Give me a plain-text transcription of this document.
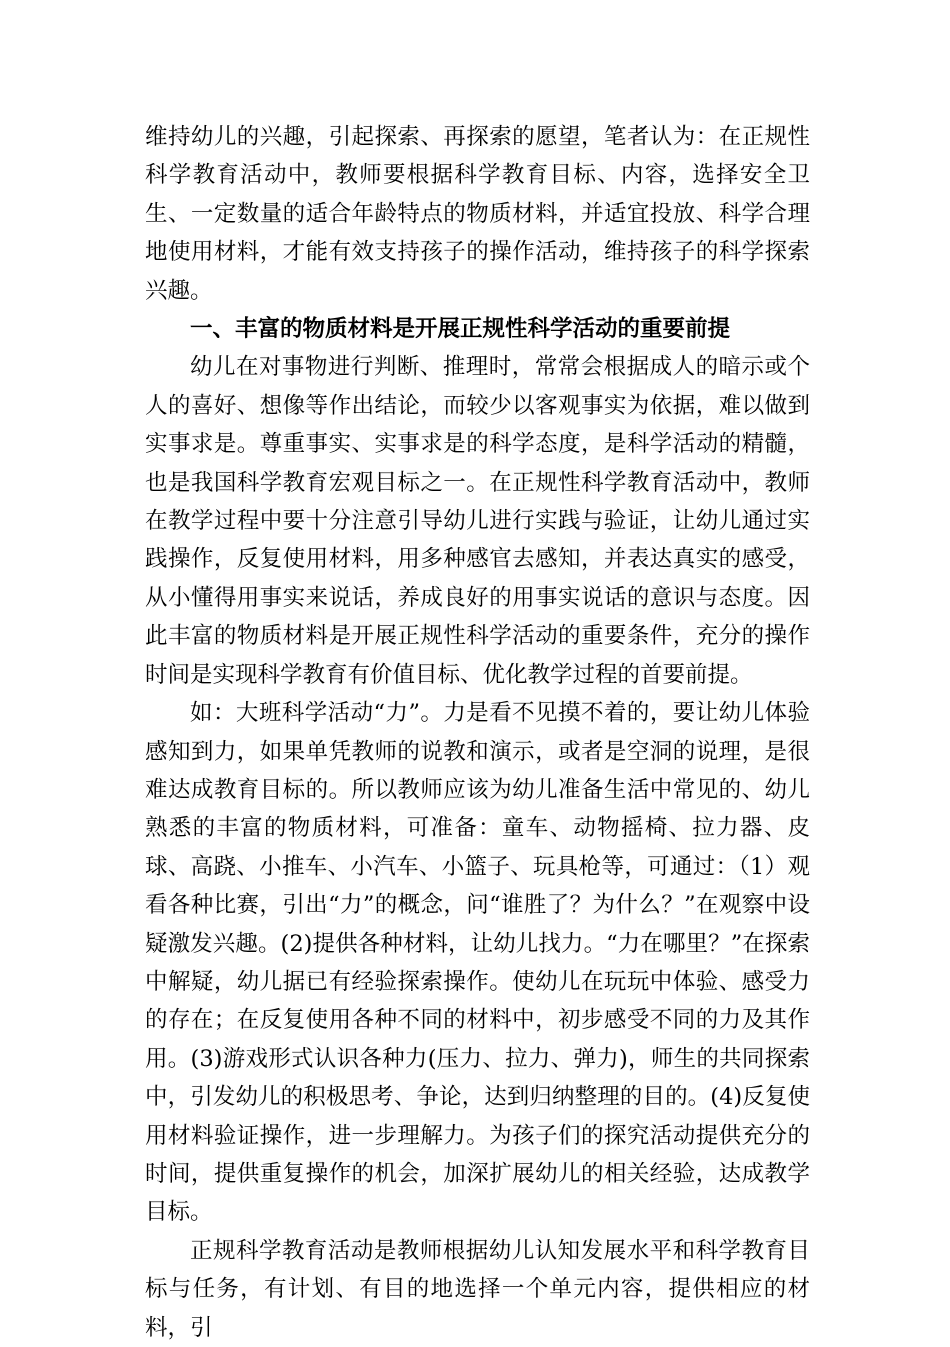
维持幼儿的兴趣，引起探索、再探索的愿望，笔者认为：在正规性科学教育活动中，教师要根据科学教育目标、内容，选择安全卫生、一定数量的适合年龄特点的物质材料，并适宜投放、科学合理地使用材料，才能有效支持孩子的操作活动，维持孩子的科学探索兴趣。

一、丰富的物质材料是开展正规性科学活动的重要前提

幼儿在对事物进行判断、推理时，常常会根据成人的暗示或个人的喜好、想像等作出结论，而较少以客观事实为依据，难以做到实事求是。尊重事实、实事求是的科学态度，是科学活动的精髓，也是我国科学教育宏观目标之一。在正规性科学教育活动中，教师在教学过程中要十分注意引导幼儿进行实践与验证，让幼儿通过实践操作，反复使用材料，用多种感官去感知，并表达真实的感受，从小懂得用事实来说话，养成良好的用事实说话的意识与态度。因此丰富的物质材料是开展正规性科学活动的重要条件，充分的操作时间是实现科学教育有价值目标、优化教学过程的首要前提。

如：大班科学活动“力”。力是看不见摸不着的，要让幼儿体验感知到力，如果单凭教师的说教和演示，或者是空洞的说理，是很难达成教育目标的。所以教师应该为幼儿准备生活中常见的、幼儿熟悉的丰富的物质材料，可准备：童车、动物摇椅、拉力器、皮球、高跷、小推车、小汽车、小篮子、玩具枪等，可通过：（1）观看各种比赛，引出“力”的概念，问“谁胜了？为什么？”在观察中设疑激发兴趣。(2)提供各种材料，让幼儿找力。“力在哪里？”在探索中解疑，幼儿据已有经验探索操作。使幼儿在玩玩中体验、感受力的存在；在反复使用各种不同的材料中，初步感受不同的力及其作用。(3)游戏形式认识各种力(压力、拉力、弹力)，师生的共同探索中，引发幼儿的积极思考、争论，达到归纳整理的目的。(4)反复使用材料验证操作，进一步理解力。为孩子们的探究活动提供充分的时间，提供重复操作的机会，加深扩展幼儿的相关经验，达成教学目标。

正规科学教育活动是教师根据幼儿认知发展水平和科学教育目标与任务，有计划、有目的地选择一个单元内容，提供相应的材料，引
